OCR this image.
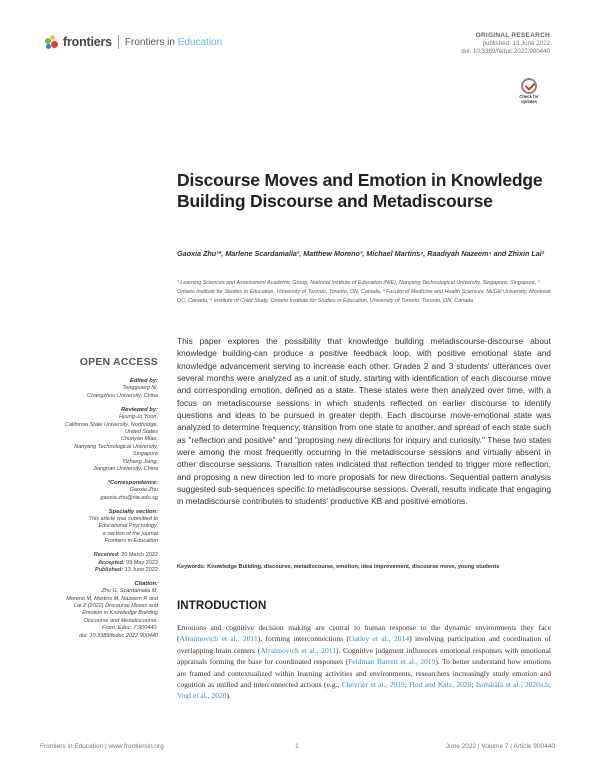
frontiers Frontiers in Education
ORIGINAL RESEARCH
published: 13 June 2022
doi: 10.3389/feduc.2022.900440
Check for
updates
Discourse Moves and Emotion in Knowledge Building Discourse and Metadiscourse
Gaoxia Zhu¹*, Marlene Scardamalia², Matthew Moreno³, Michael Martins⁴, Raadiyah Nazeem⁴ and Zhixin Lai²
¹ Learning Sciences and Assessment Academic Group, National Institute of Education (NIE), Nanyang Technological University, Singapore, Singapore, ² Ontario Institute for Studies in Education, University of Toronto, Toronto, ON, Canada, ³ Faculty of Medicine and Health Sciences, McGill University, Montréal, QC, Canada, ⁴ Institute of Child Study, Ontario Institute for Studies in Education, University of Toronto, Toronto, ON, Canada
This paper explores the possibility that knowledge building metadiscourse-discourse about knowledge building-can produce a positive feedback loop, with positive emotional state and knowledge advancement serving to increase each other. Grades 2 and 3 students' utterances over several months were analyzed as a unit of study, starting with identification of each discourse move and corresponding emotion, defined as a state. These states were then analyzed over time, with a focus on metadiscourse sessions in which students reflected on earlier discourse to identify questions and ideas to be pursued in greater depth. Each discourse move-emotional state was analyzed to determine frequency, transition from one state to another, and spread of each state such as "reflection and positive" and "proposing new directions for inquiry and curiosity." These two states were among the most frequently occurring in the metadiscourse sessions and virtually absent in other discourse sessions. Transition rates indicated that reflection tended to trigger more reflection, and proposing a new direction led to more proposals for new directions. Sequential pattern analysis suggested sub-sequences specific to metadiscourse sessions. Overall, results indicate that engaging in metadiscourse contributes to students' productive KB and positive emotions.
Keywords: Knowledge Building, discourse, metadiscourse, emotion, idea improvement, discourse move, young students
INTRODUCTION
Emotions and cognitive decision making are central to human response to the dynamic environments they face (Afraimovich et al., 2011), forming interconnections (Oatley et al., 2014) involving participation and coordination of overlapping brain centers (Afraimovich et al., 2011). Cognitive judgment influences emotional responses with emotional appraisals forming the base for coordinated responses (Feldman Barrett et al., 2019). To better understand how emotions are framed and contextualized within learning activities and environments, researchers increasingly study emotion and cognition as unified and interconnected actions (e.g., Chevrier et al., 2019; Hod and Katz, 2020; Isohätälä et al., 2020a,b; Vogl et al., 2020).
OPEN ACCESS
Edited by:
Tongguang Ni,
Changzhou University, China
Reviewed by:
Hyung-Jo Yoon,
California State University, Northridge,
United States
Chunyan Miao,
Nanyang Technological University,
Singapore
Yizhang Jiang,
Jiangnan University, China
*Correspondence:
Gaoxia Zhu
gaoxia.zhu@nie.edu.sg
Specialty section:
This article was submitted to
Educational Psychology,
a section of the journal
Frontiers in Education
Received: 20 March 2022
Accepted: 09 May 2022
Published: 13 June 2022
Citation:
Zhu G, Scardamalia M,
Moreno M, Martins M, Nazeem R and
Lai Z (2022) Discourse Moves and
Emotion in Knowledge Building
Discourse and Metadiscourse.
Front. Educ. 7:900440.
doi: 10.3389/feduc.2022.900440
Frontiers in Education | www.frontiersin.org	1	June 2022 | Volume 7 | Article 900440
